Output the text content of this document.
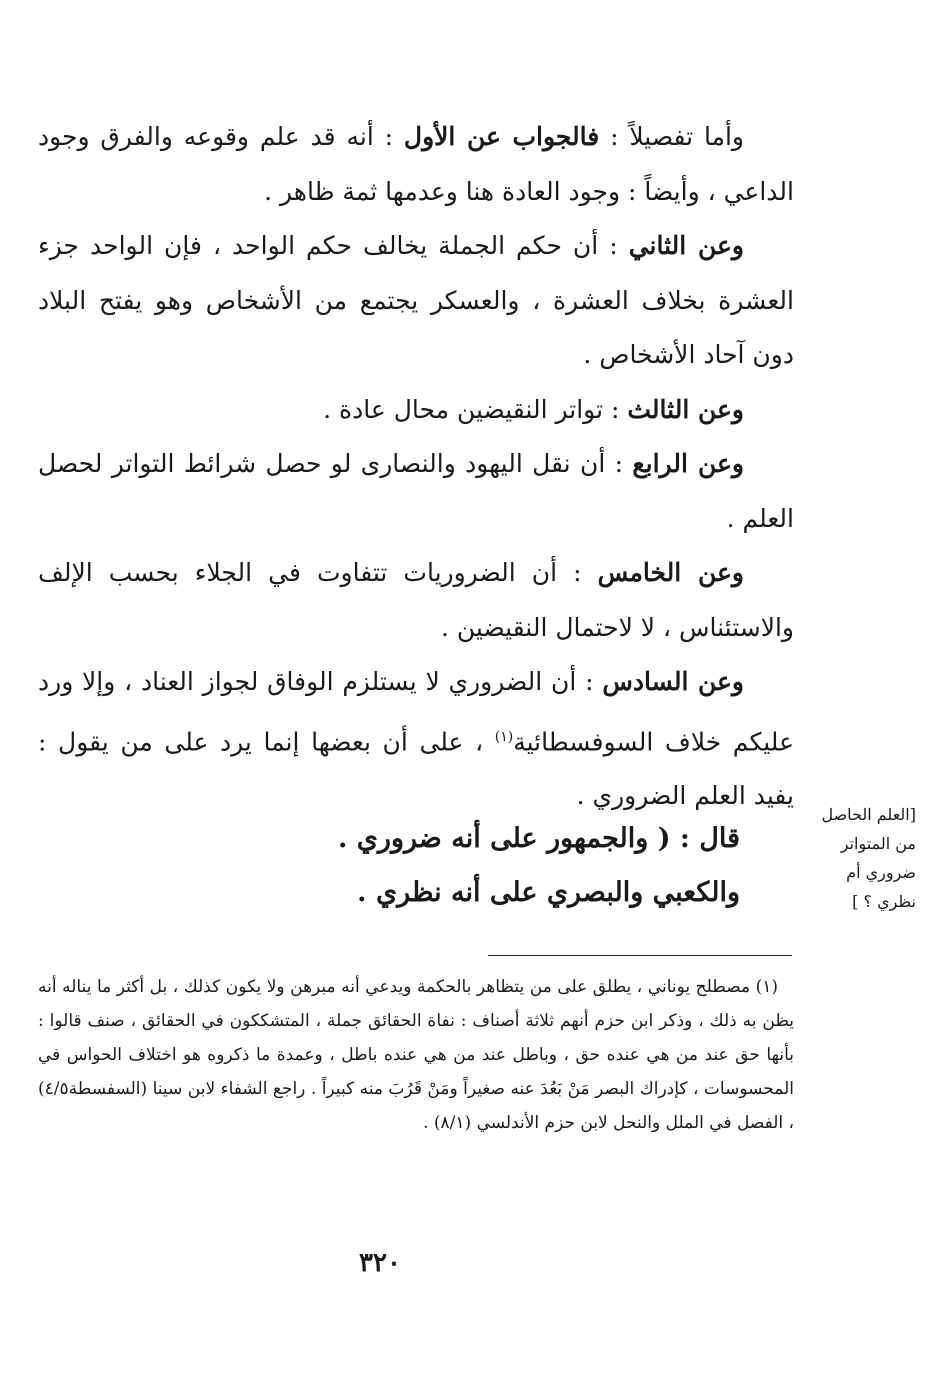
وأما تفصيلاً : فالجواب عن الأول : أنه قد علم وقوعه والفرق وجود الداعي ، وأيضاً : وجود العادة هنا وعدمها ثمة ظاهر .

وعن الثاني : أن حكم الجملة يخالف حكم الواحد ، فإن الواحد جزء العشرة بخلاف العشرة ، والعسكر يجتمع من الأشخاص وهو يفتح البلاد دون آحاد الأشخاص .

وعن الثالث : تواتر النقيضين محال عادة .

وعن الرابع : أن نقل اليهود والنصارى لو حصل شرائط التواتر لحصل العلم .

وعن الخامس : أن الضروريات تتفاوت في الجلاء بحسب الإلف والاستئناس ، لا لاحتمال النقيضين .

وعن السادس : أن الضروري لا يستلزم الوفاق لجواز العناد ، وإلا ورد عليكم خلاف السوفسطائية$^{(١)}$ ، على أن بعضها إنما يرد على من يقول : يفيد العلم الضروري .

قال : ( والجمهور على أنه ضروري .

والكعبي والبصري على أنه نظري .

[العلم الحاصل

من المتواتر

ضروري أم

نظري ؟ ]

(١) مصطلح يوناني ، يطلق على من يتظاهر بالحكمة ويدعي أنه مبرهن ولا يكون كذلك ، بل أكثر ما يناله أنه يظن به ذلك ، وذكر ابن حزم أنهم ثلاثة أصناف : نفاة الحقائق جملة ، المتشككون في الحقائق ، صنف قالوا : بأنها حق عند من هي عنده حق ، وباطل عند من هي عنده باطل ، وعمدة ما ذكروه هو اختلاف الحواس في المحسوسات ، كإدراك البصر مَنْ بَعُدَ عنه صغيراً ومَنْ قَرُبَ منه كبيراً . راجع الشفاء لابن سينا (السفسطة٤/٥) ، الفصل في الملل والنحل لابن حزم الأندلسي (٨/١) .

٣٢٠
